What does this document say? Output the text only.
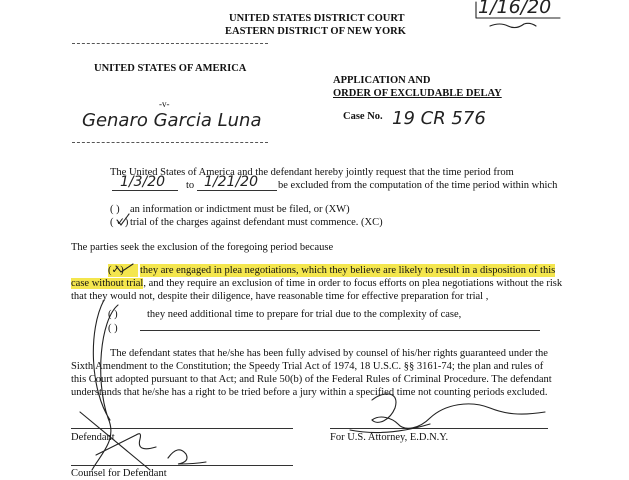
UNITED STATES DISTRICT COURT
EASTERN DISTRICT OF NEW YORK
1/16/20
UNITED STATES OF AMERICA
-v-
Genaro Garcia Luna
APPLICATION AND
ORDER OF EXCLUDABLE DELAY
Case No. 19 CR 576
The United States of America and the defendant hereby jointly request that the time period from
1/3/20 to 1/21/20 be excluded from the computation of the time period within which
( ) an information or indictment must be filed, or (XW)
( ✓) trial of the charges against defendant must commence. (XC)
The parties seek the exclusion of the foregoing period because
(✓)	they are engaged in plea negotiations, which they believe are likely to result in a disposition of this
case without trial, and they require an exclusion of time in order to focus efforts on plea negotiations without the risk
that they would not, despite their diligence, have reasonable time for effective preparation for trial ,
( )	they need additional time to prepare for trial due to the complexity of case,
( )
The defendant states that he/she has been fully advised by counsel of his/her rights guaranteed under the
Sixth Amendment to the Constitution; the Speedy Trial Act of 1974, 18 U.S.C. §§ 3161-74; the plan and rules of
this Court adopted pursuant to that Act; and Rule 50(b) of the Federal Rules of Criminal Procedure. The defendant
understands that he/she has a right to be tried before a jury within a specified time not counting periods excluded.
Defendant	For U.S. Attorney, E.D.N.Y.
Counsel for Defendant
